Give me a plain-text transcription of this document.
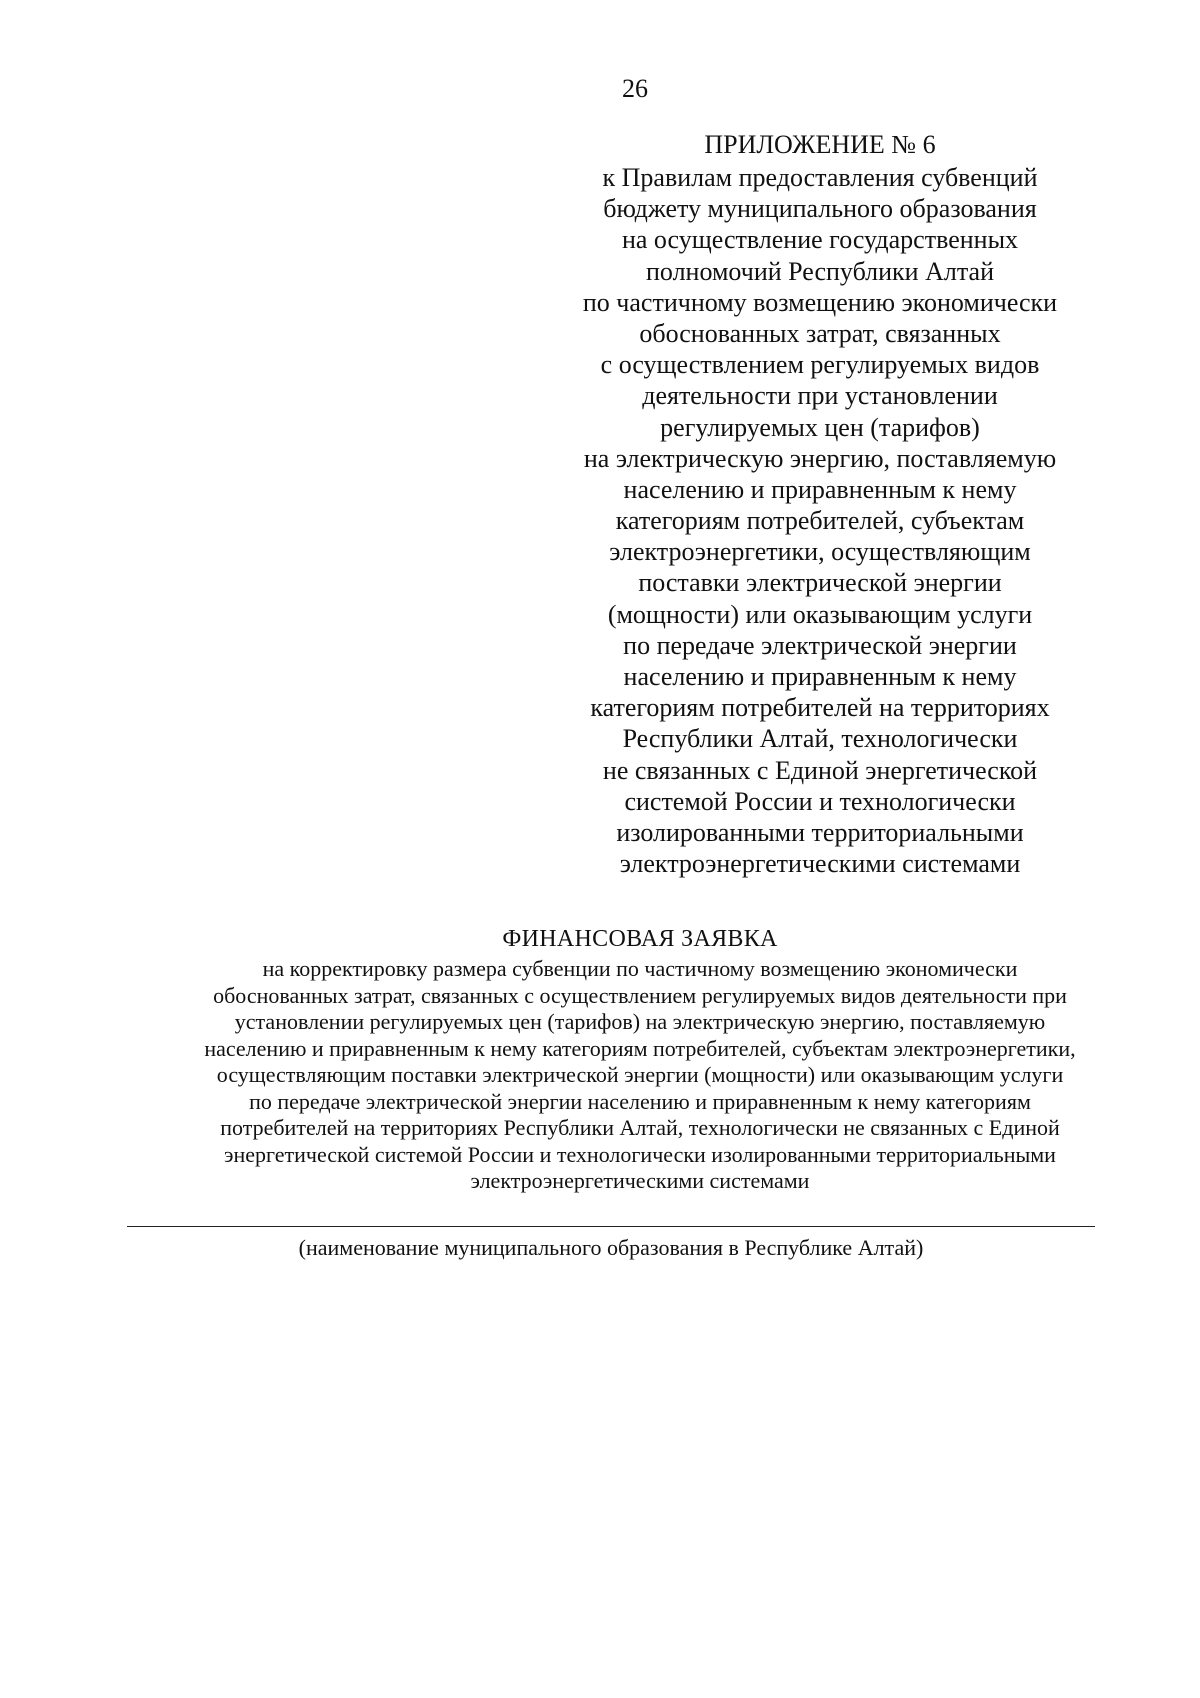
26
ПРИЛОЖЕНИЕ № 6
к Правилам предоставления субвенций
бюджету муниципального образования
на осуществление государственных
полномочий Республики Алтай
по частичному возмещению экономически
обоснованных затрат, связанных
с осуществлением регулируемых видов
деятельности при установлении
регулируемых цен (тарифов)
на электрическую энергию, поставляемую
населению и приравненным к нему
категориям потребителей, субъектам
электроэнергетики, осуществляющим
поставки электрической энергии
(мощности) или оказывающим услуги
по передаче электрической энергии
населению и приравненным к нему
категориям потребителей на территориях
Республики Алтай, технологически
не связанных с Единой энергетической
системой России и технологически
изолированными территориальными
электроэнергетическими системами
ФИНАНСОВАЯ ЗАЯВКА
на корректировку размера субвенции по частичному возмещению экономически
обоснованных затрат, связанных с осуществлением регулируемых видов деятельности при
установлении регулируемых цен (тарифов) на электрическую энергию, поставляемую
населению и приравненным к нему категориям потребителей, субъектам электроэнергетики,
осуществляющим поставки электрической энергии (мощности) или оказывающим услуги
по передаче электрической энергии населению и приравненным к нему категориям
потребителей на территориях Республики Алтай, технологически не связанных с Единой
энергетической системой России и технологически изолированными территориальными
электроэнергетическими системами
(наименование муниципального образования в Республике Алтай)
